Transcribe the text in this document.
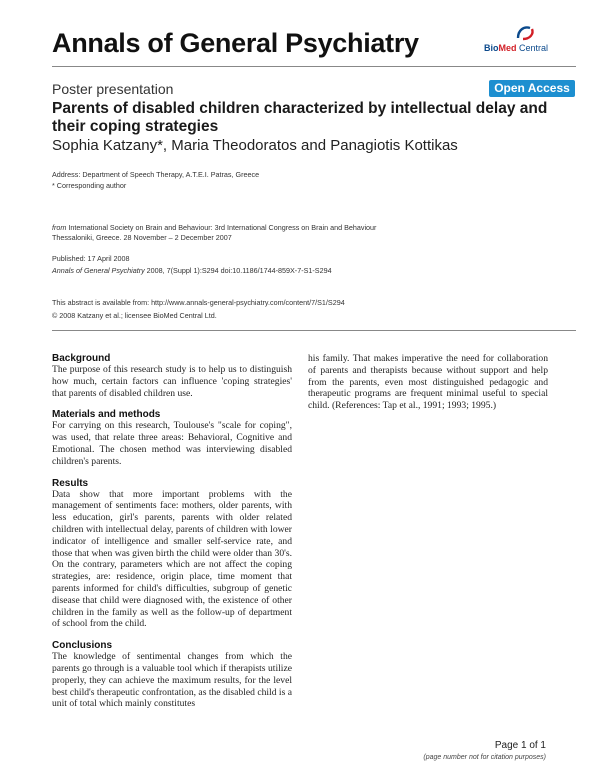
Annals of General Psychiatry	BioMed Central
Poster presentation	Open Access
Parents of disabled children characterized by intellectual delay and their coping strategies
Sophia Katzany*, Maria Theodoratos and Panagiotis Kottikas
Address: Department of Speech Therapy, A.T.E.I. Patras, Greece
* Corresponding author
from International Society on Brain and Behaviour: 3rd International Congress on Brain and Behaviour
Thessaloniki, Greece. 28 November – 2 December 2007
Published: 17 April 2008
Annals of General Psychiatry 2008, 7(Suppl 1):S294 doi:10.1186/1744-859X-7-S1-S294
This abstract is available from: http://www.annals-general-psychiatry.com/content/7/S1/S294
© 2008 Katzany et al.; licensee BioMed Central Ltd.
Background
The purpose of this research study is to help us to distinguish how much, certain factors can influence 'coping strategies' that parents of disabled children use.
Materials and methods
For carrying on this research, Toulouse's "scale for coping", was used, that relate three areas: Behavioral, Cognitive and Emotional. The chosen method was interviewing disabled children's parents.
Results
Data show that more important problems with the management of sentiments face: mothers, older parents, with less education, girl's parents, parents with older related children with intellectual delay, parents of children with lower indicator of intelligence and smaller self-service rate, and those that when was given birth the child were older than 30's. On the contrary, parameters which are not affect the coping strategies, are: residence, origin place, time moment that parents informed for child's difficulties, subgroup of genetic disease that child were diagnosed with, the existence of other children in the family as well as the follow-up of department of school from the child.
Conclusions
The knowledge of sentimental changes from which the parents go through is a valuable tool which if therapists utilize properly, they can achieve the maximum results, for the level best child's therapeutic confrontation, as the disabled child is a unit of total which mainly constitutes
his family. That makes imperative the need for collaboration of parents and therapists because without support and help from the parents, even most distinguished pedagogic and therapeutic programs are frequent minimal useful to special child. (References: Tap et al., 1991; 1993; 1995.)
Page 1 of 1
(page number not for citation purposes)
